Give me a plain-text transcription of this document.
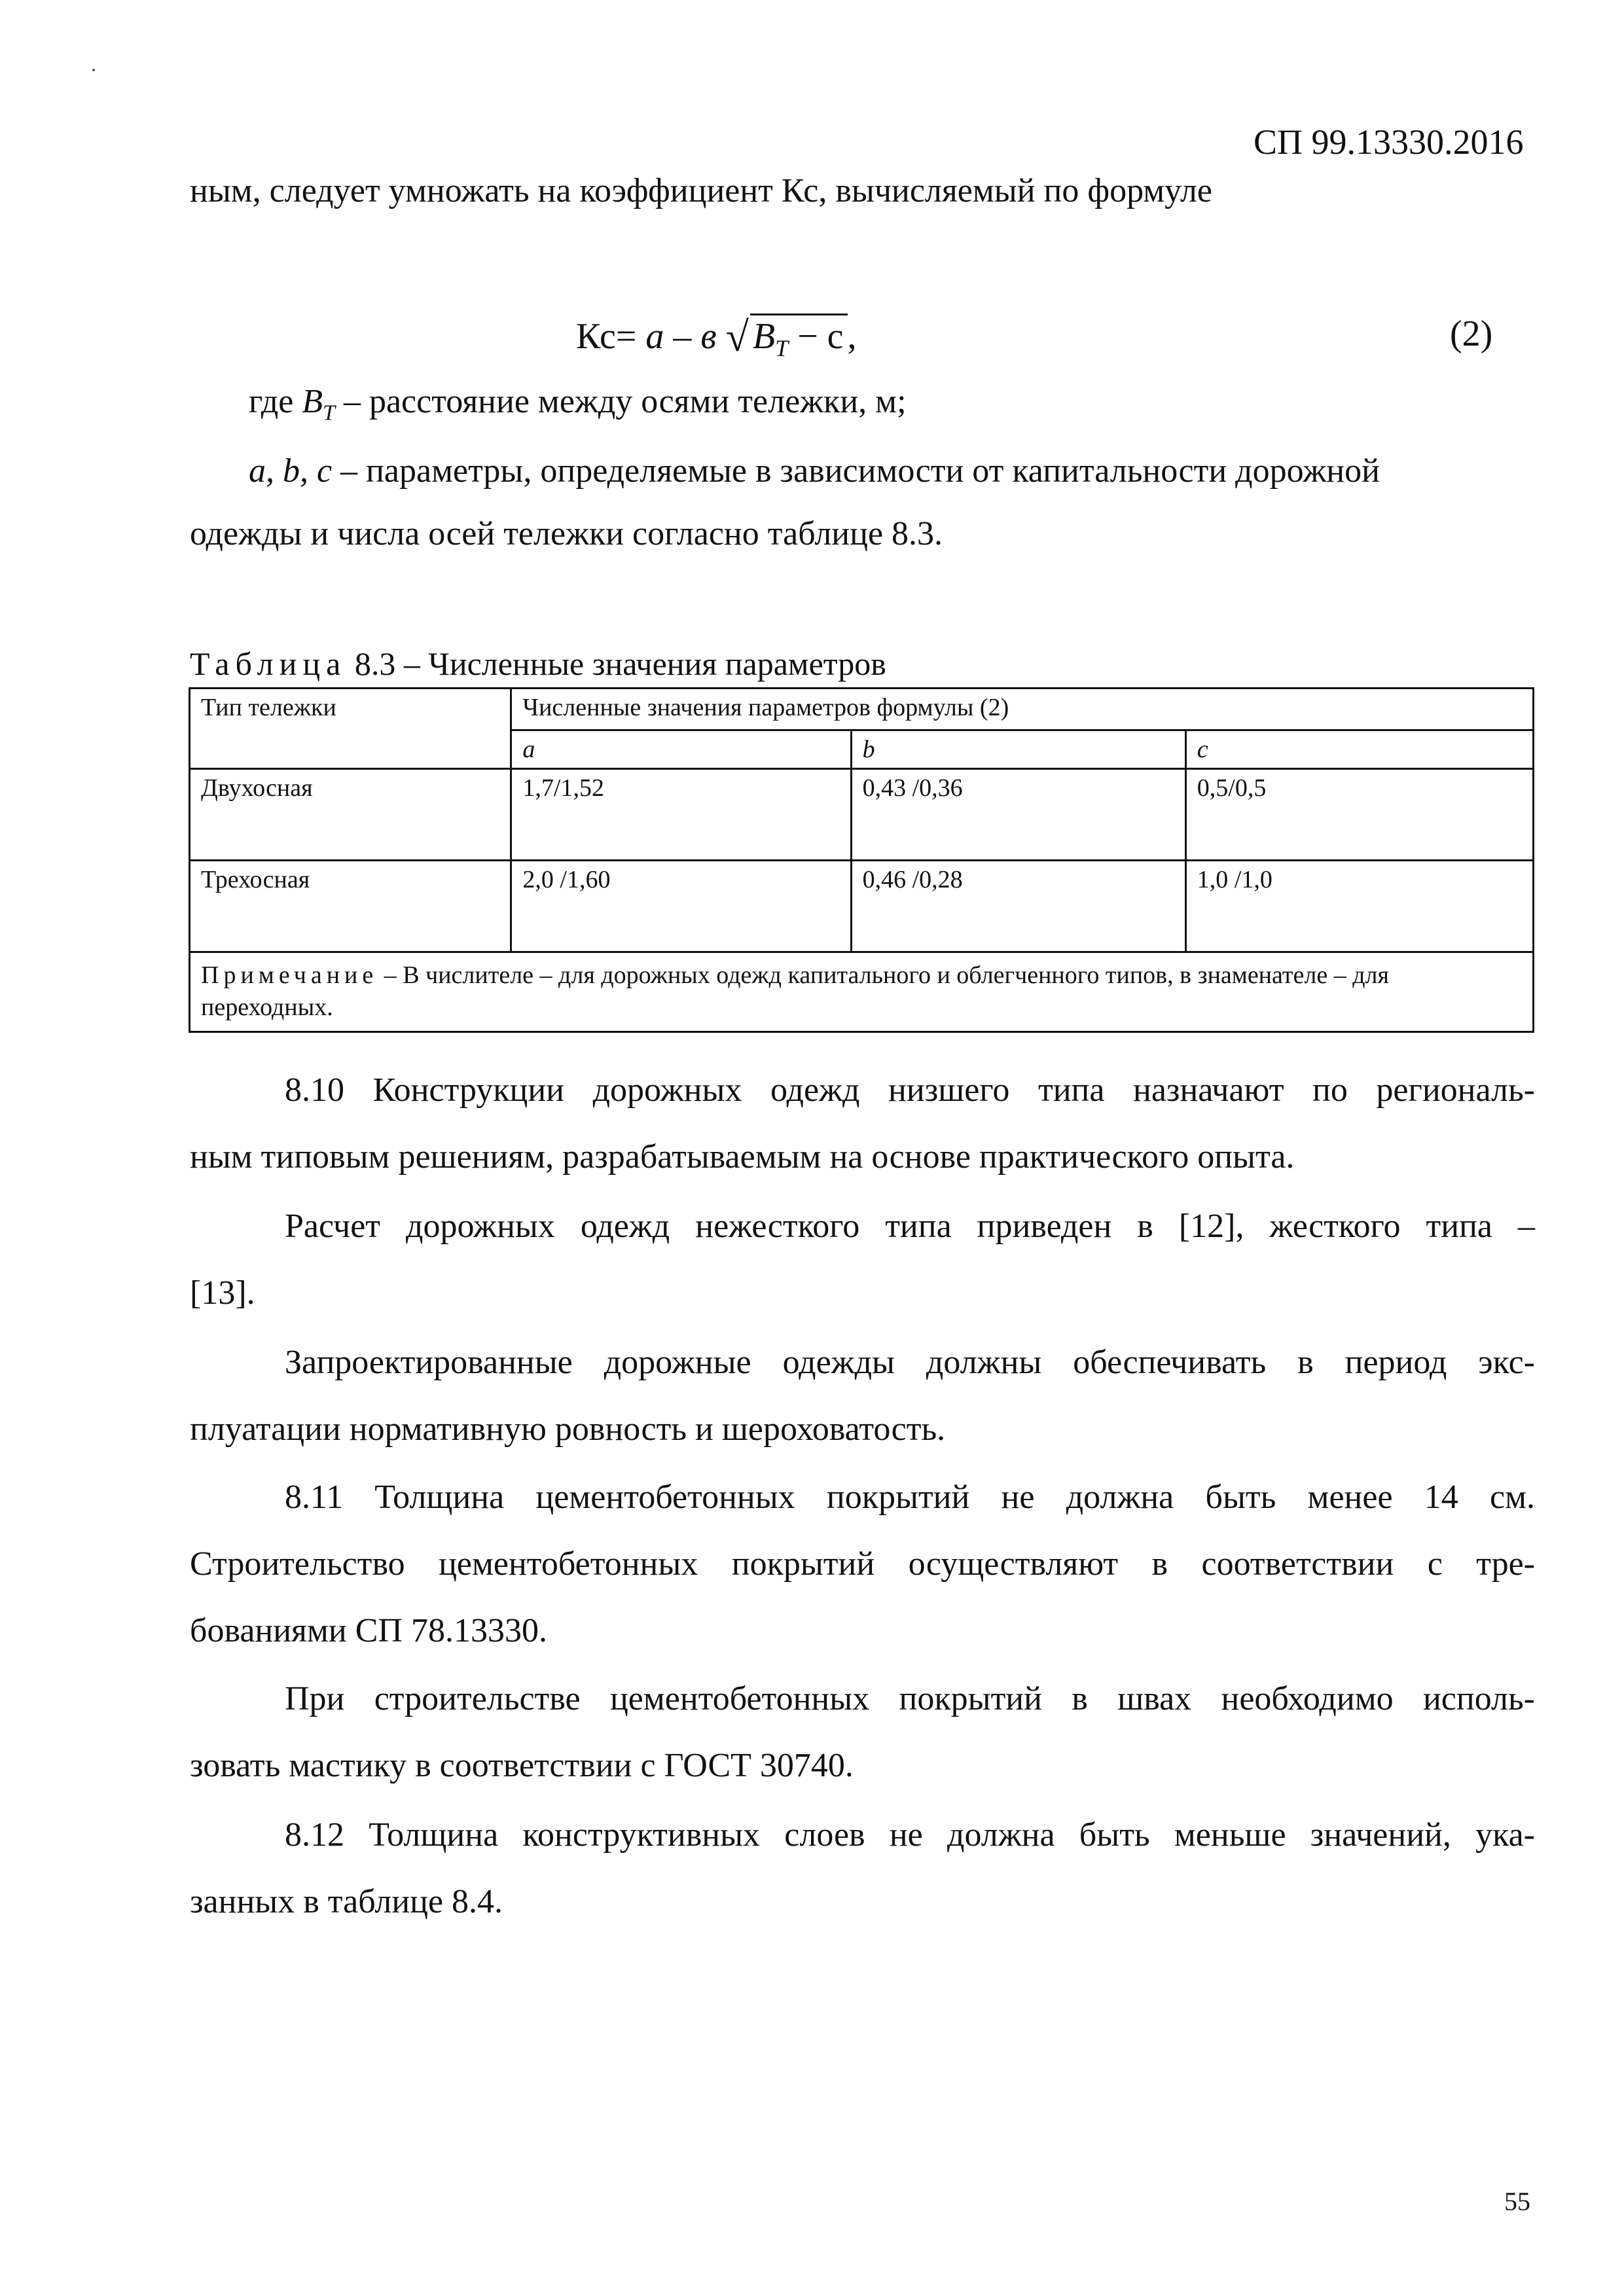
СП 99.13330.2016
ным, следует умножать на коэффициент Кс, вычисляемый по формуле
Кс= а – в √ $B_T - с$ ,	(2)
где $B_T$ – расстояние между осями тележки, м;
a, b, c – параметры, определяемые в зависимости от капитальности дорожной
одежды и числа осей тележки согласно таблице 8.3.
Таблица 8.3 – Численные значения параметров
Тип тележки	Численные значения параметров формулы (2)		
	a	b	c
Двухосная	1,7/1,52	0,43 /0,36	0,5/0,5
Трехосная	2,0 /1,60	0,46 /0,28	1,0 /1,0
Примечание – В числителе – для дорожных одежд капитального и облегченного типов, в знаменателе – для переходных.			
8.10 Конструкции дорожных одежд низшего типа назначают по региональ-
ным типовым решениям, разрабатываемым на основе практического опыта.
Расчет дорожных одежд нежесткого типа приведен в [12], жесткого типа –
[13].
Запроектированные дорожные одежды должны обеспечивать в период экс-
плуатации нормативную ровность и шероховатость.
8.11 Толщина цементобетонных покрытий не должна быть менее 14 см.
Строительство цементобетонных покрытий осуществляют в соответствии с тре-
бованиями СП 78.13330.
При строительстве цементобетонных покрытий в швах необходимо исполь-
зовать мастику в соответствии с ГОСТ 30740.
8.12 Толщина конструктивных слоев не должна быть меньше значений, ука-
занных в таблице 8.4.
55
